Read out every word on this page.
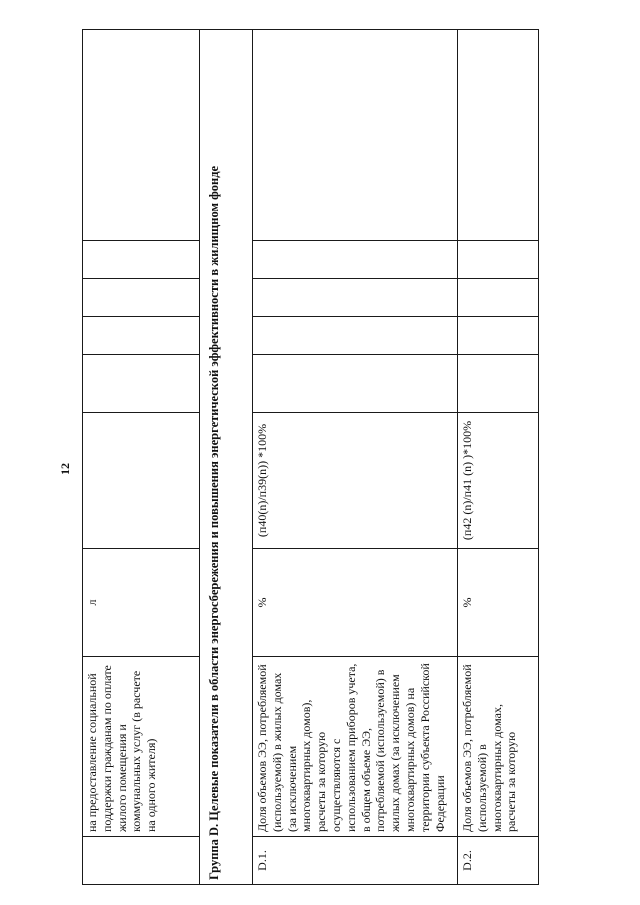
12
	на предоставление социальной поддержки гражданам по оплате жилого помещения и коммунальных услуг (в расчете на одного жителя)	л						
Группа D. Целевые показатели в области энергосбережения и повышения энергетической эффективности в жилищном фонде								
D.1.	Доля объемов ЭЭ, потребляемой (используемой) в жилых домах (за исключением многоквартирных домов), расчеты за которую осуществляются с использованием приборов учета, в общем объеме ЭЭ, потребляемой (используемой) в жилых домах (за исключением многоквартирных домов) на территории субъекта Российской Федерации	%	(п40(n)/п39(n)) *100%					
D.2.	Доля объемов ЭЭ, потребляемой (используемой) в многоквартирных домах, расчеты за которую	%	(п42 (n)/п41 (n) )*100%					
